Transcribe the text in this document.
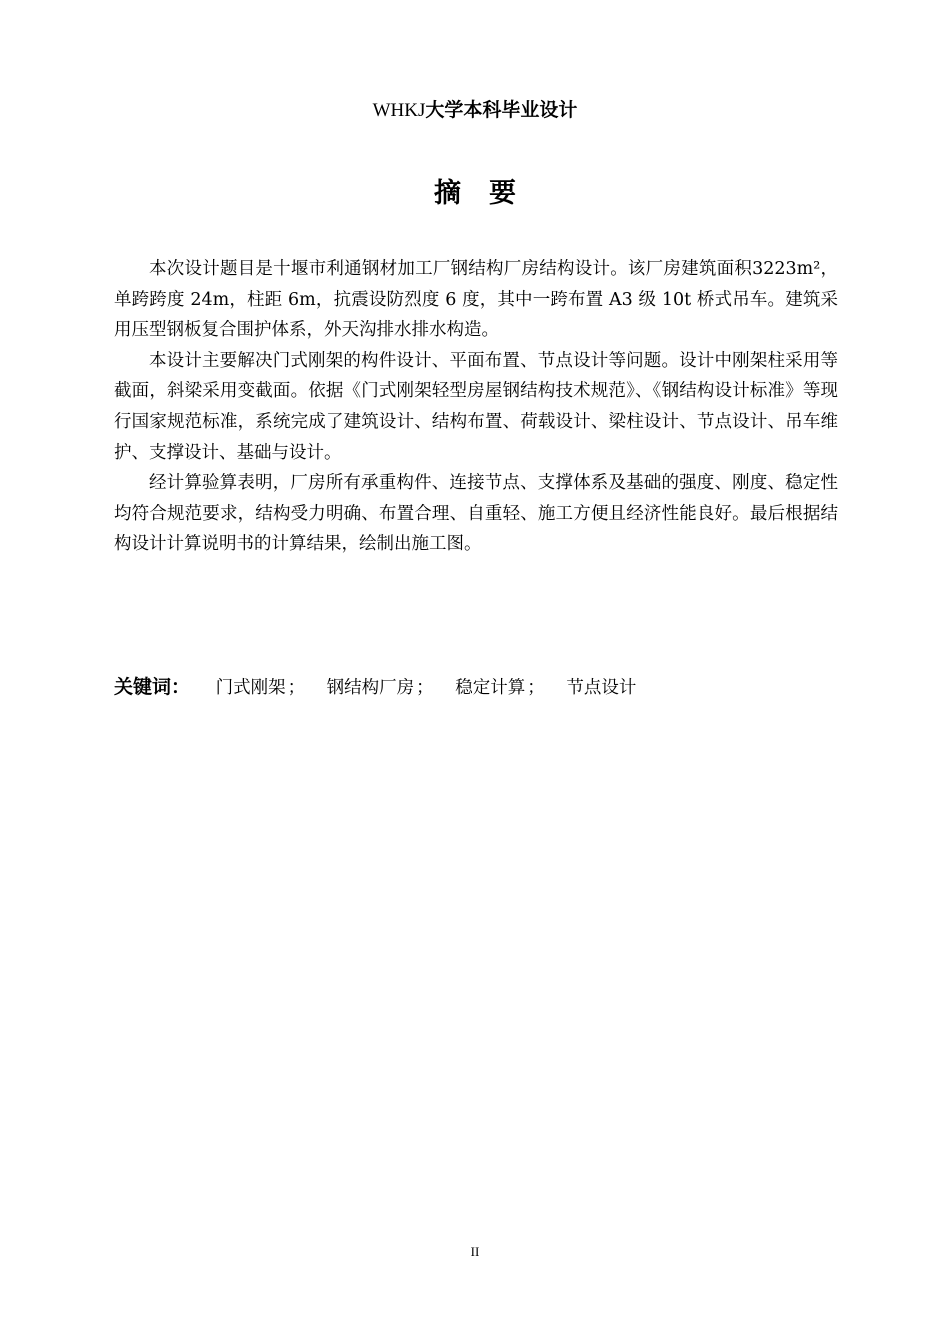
WHKJ大学本科毕业设计
摘要

本次设计题目是十堰市利通钢材加工厂钢结构厂房结构设计。该厂房建筑面积3223m²，单跨跨度 24m，柱距 6m，抗震设防烈度 6 度，其中一跨布置 A3 级 10t 桥式吊车。建筑采用压型钢板复合围护体系，外天沟排水排水构造。

本设计主要解决门式刚架的构件设计、平面布置、节点设计等问题。设计中刚架柱采用等截面，斜梁采用变截面。依据《门式刚架轻型房屋钢结构技术规范》、《钢结构设计标准》等现行国家规范标准，系统完成了建筑设计、结构布置、荷载设计、梁柱设计、节点设计、吊车维护、支撑设计、基础与设计。

经计算验算表明，厂房所有承重构件、连接节点、支撑体系及基础的强度、刚度、稳定性均符合规范要求，结构受力明确、布置合理、自重轻、施工方便且经济性能良好。最后根据结构设计计算说明书的计算结果，绘制出施工图。

关键词： 门式刚架 ； 钢结构厂房 ； 稳定计算 ； 节点设计
II
